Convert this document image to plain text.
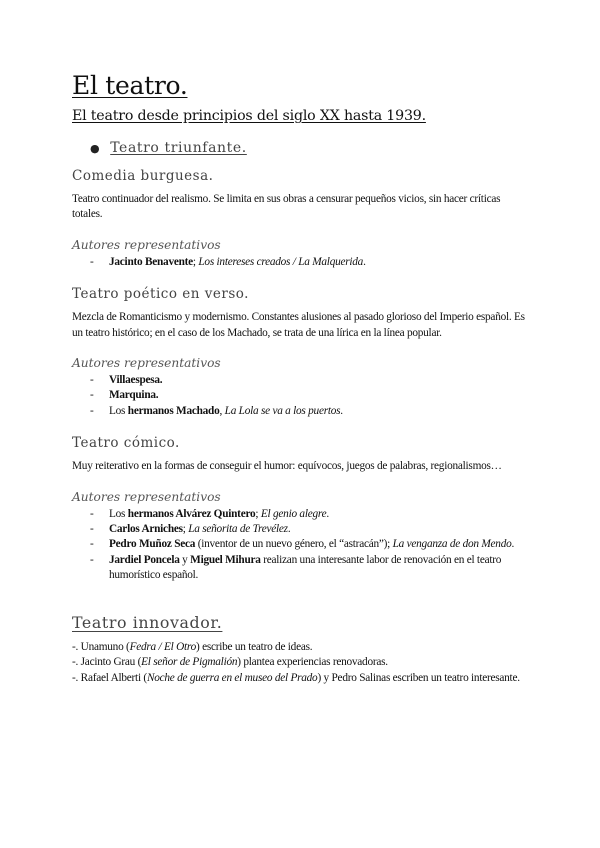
El teatro.
El teatro desde principios del siglo XX hasta 1939.
● Teatro triunfante.
Comedia burguesa.
Teatro continuador del realismo. Se limita en sus obras a censurar pequeños vicios, sin hacer críticas totales.
Autores representativos
- Jacinto Benavente; Los intereses creados / La Malquerida.
Teatro poético en verso.
Mezcla de Romanticismo y modernismo. Constantes alusiones al pasado glorioso del Imperio español. Es un teatro histórico; en el caso de los Machado, se trata de una lírica en la línea popular.
Autores representativos
- Villaespesa.
- Marquina.
- Los hermanos Machado, La Lola se va a los puertos.
Teatro cómico.
Muy reiterativo en la formas de conseguir el humor: equívocos, juegos de palabras, regionalismos…
Autores representativos
- Los hermanos Alvárez Quintero; El genio alegre.
- Carlos Arniches; La señorita de Trevélez.
- Pedro Muñoz Seca (inventor de un nuevo género, el “astracán”); La venganza de don Mendo.
- Jardiel Poncela y Miguel Mihura realizan una interesante labor de renovación en el teatro humorístico español.
Teatro innovador.
-. Unamuno (Fedra / El Otro) escribe un teatro de ideas.
-. Jacinto Grau (El señor de Pigmalión) plantea experiencias renovadoras.
-. Rafael Alberti (Noche de guerra en el museo del Prado) y Pedro Salinas escriben un teatro interesante.
